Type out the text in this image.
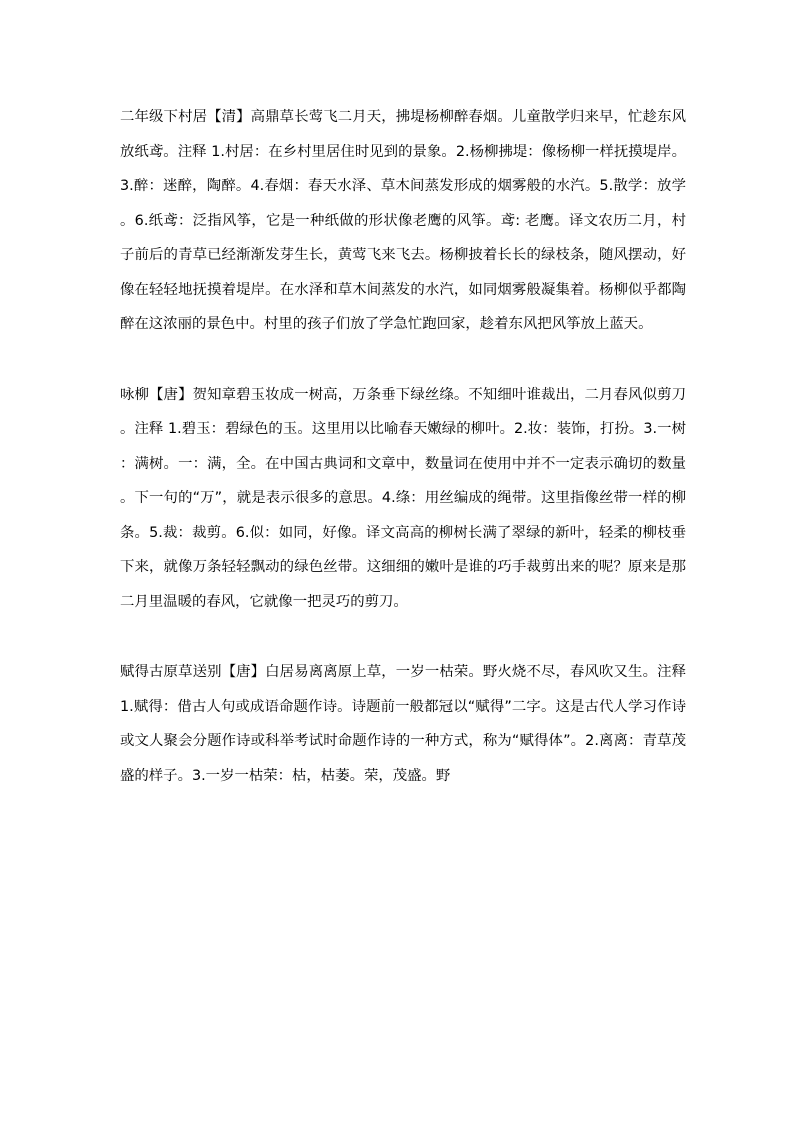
二年级下村居【清】高鼎草长莺飞二月天，拂堤杨柳醉春烟。儿童散学归来早，忙趁东风放纸鸢。注释 1.村居：在乡村里居住时见到的景象。2.杨柳拂堤：像杨柳一样抚摸堤岸。3.醉：迷醉，陶醉。4.春烟：春天水泽、草木间蒸发形成的烟雾般的水汽。5.散学：放学。6.纸鸢：泛指风筝，它是一种纸做的形状像老鹰的风筝。鸢: 老鹰。译文农历二月，村子前后的青草已经渐渐发芽生长，黄莺飞来飞去。杨柳披着长长的绿枝条，随风摆动，好像在轻轻地抚摸着堤岸。在水泽和草木间蒸发的水汽，如同烟雾般凝集着。杨柳似乎都陶醉在这浓丽的景色中。村里的孩子们放了学急忙跑回家，趁着东风把风筝放上蓝天。

咏柳【唐】贺知章碧玉妆成一树高，万条垂下绿丝绦。不知细叶谁裁出，二月春风似剪刀。注释 1.碧玉：碧绿色的玉。这里用以比喻春天嫩绿的柳叶。2.妆：装饰，打扮。3.一树：满树。一：满，全。在中国古典词和文章中，数量词在使用中并不一定表示确切的数量。下一句的“万”，就是表示很多的意思。4.绦：用丝编成的绳带。这里指像丝带一样的柳条。5.裁：裁剪。6.似：如同，好像。译文高高的柳树长满了翠绿的新叶，轻柔的柳枝垂下来，就像万条轻轻飘动的绿色丝带。这细细的嫩叶是谁的巧手裁剪出来的呢？原来是那二月里温暖的春风，它就像一把灵巧的剪刀。

赋得古原草送别【唐】白居易离离原上草，一岁一枯荣。野火烧不尽，春风吹又生。注释 1.赋得：借古人句或成语命题作诗。诗题前一般都冠以“赋得”二字。这是古代人学习作诗或文人聚会分题作诗或科举考试时命题作诗的一种方式，称为“赋得体”。2.离离：青草茂盛的样子。3.一岁一枯荣：枯，枯萎。荣，茂盛。野
